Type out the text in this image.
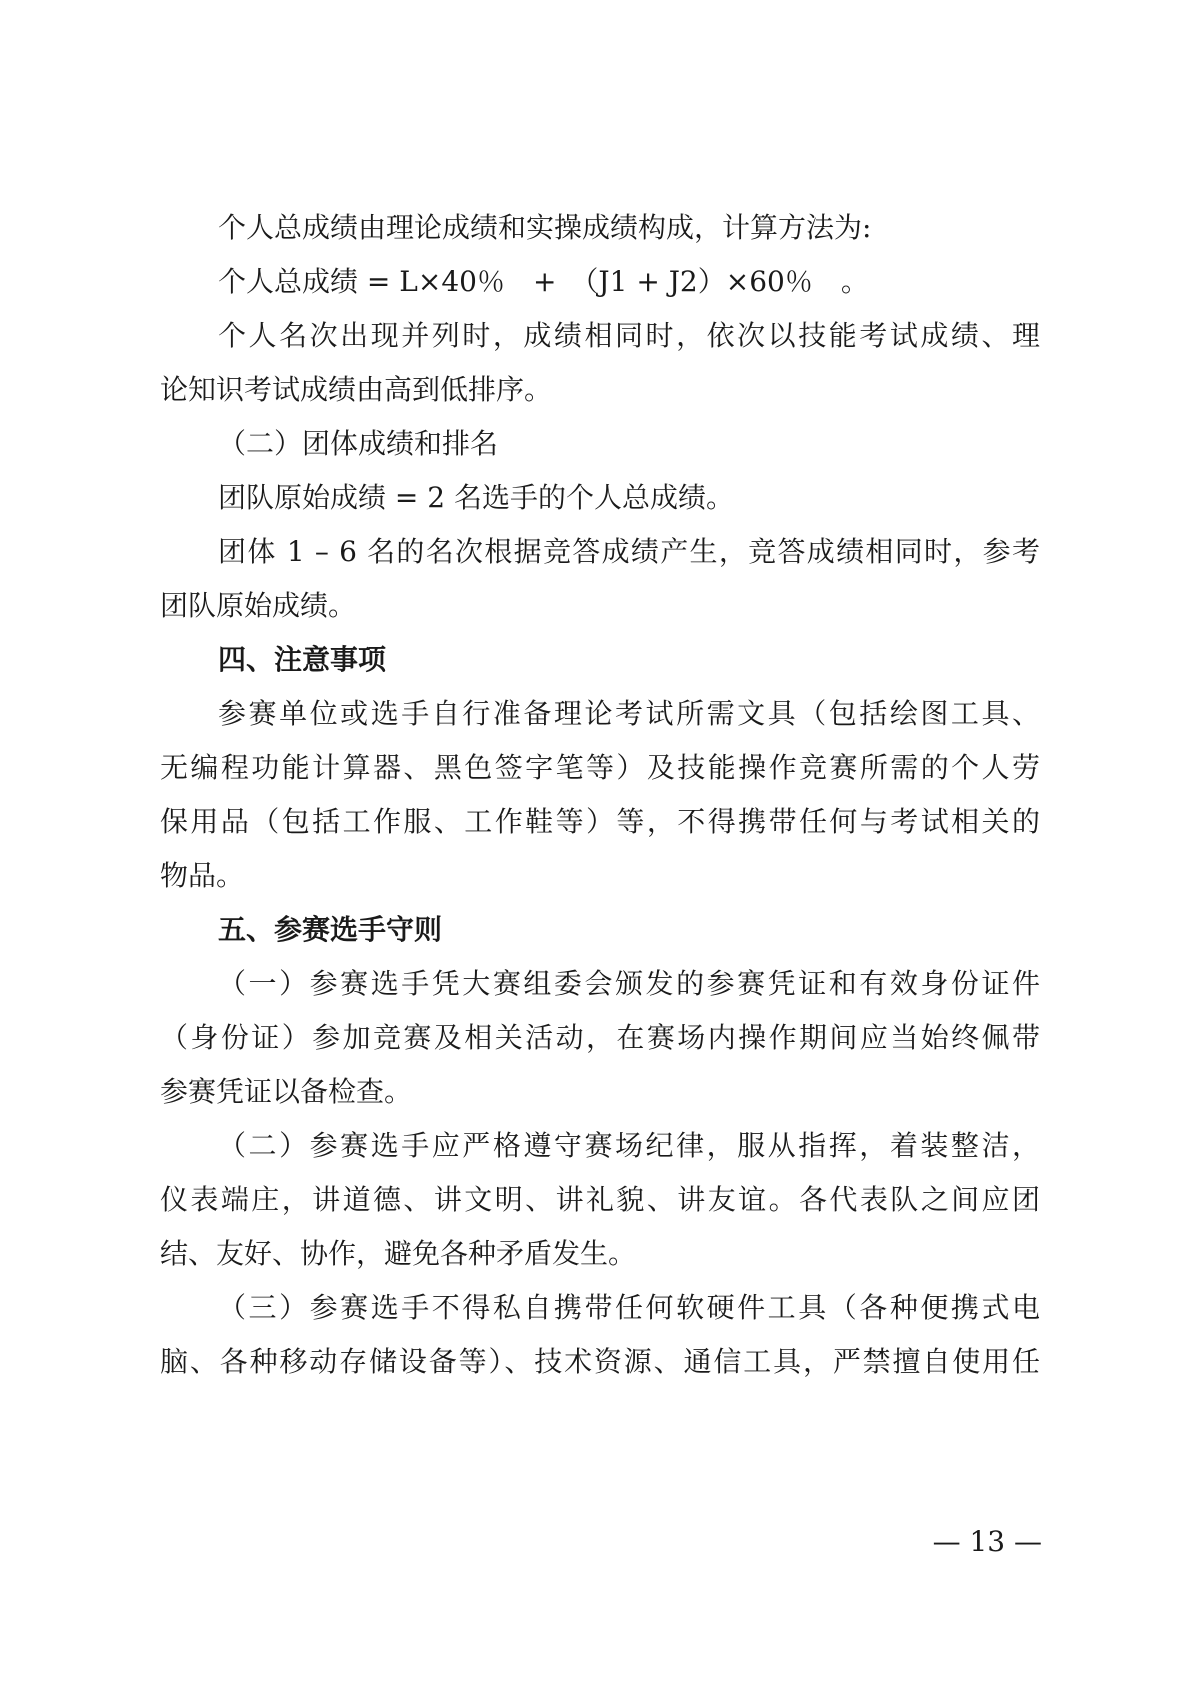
个人总成绩由理论成绩和实操成绩构成，计算方法为:
个人总成绩 = L×40％　+　（J1 + J2）×60％　。
个人名次出现并列时，成绩相同时，依次以技能考试成绩、理
论知识考试成绩由高到低排序。
（二）团体成绩和排名
团队原始成绩 = 2 名选手的个人总成绩。
团体 1 – 6 名的名次根据竞答成绩产生，竞答成绩相同时，参考
团队原始成绩。
四、注意事项
参赛单位或选手自行准备理论考试所需文具（包括绘图工具、
无编程功能计算器、黑色签字笔等）及技能操作竞赛所需的个人劳
保用品（包括工作服、工作鞋等）等，不得携带任何与考试相关的
物品。
五、参赛选手守则
（一）参赛选手凭大赛组委会颁发的参赛凭证和有效身份证件
（身份证）参加竞赛及相关活动，在赛场内操作期间应当始终佩带
参赛凭证以备检查。
（二）参赛选手应严格遵守赛场纪律，服从指挥，着装整洁，
仪表端庄，讲道德、讲文明、讲礼貌、讲友谊。各代表队之间应团
结、友好、协作，避免各种矛盾发生。
（三）参赛选手不得私自携带任何软硬件工具（各种便携式电
脑、各种移动存储设备等）、技术资源、通信工具，严禁擅自使用任
— 13 —
